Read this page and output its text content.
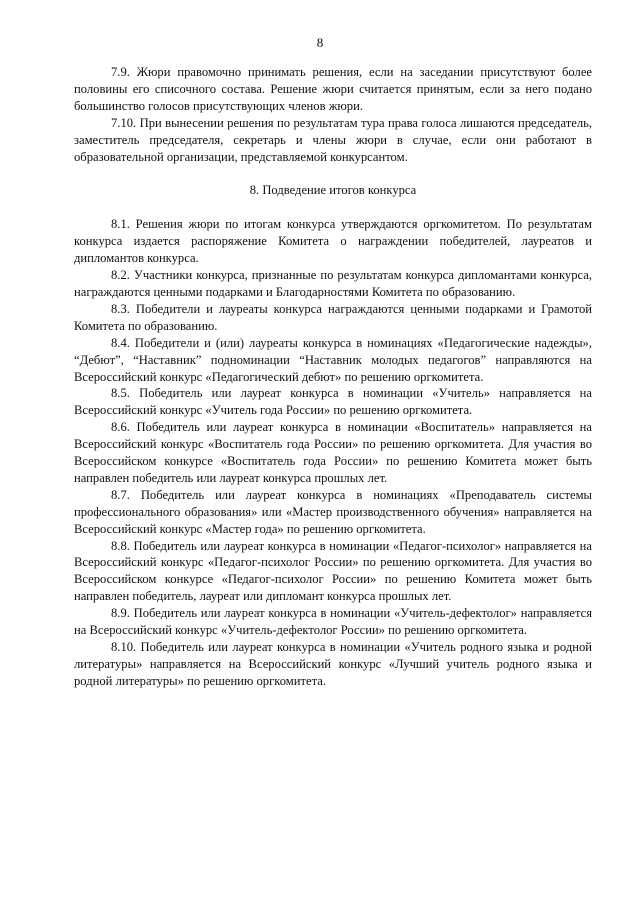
8

7.9. Жюри правомочно принимать решения, если на заседании присутствуют более половины его списочного состава. Решение жюри считается принятым, если за него подано большинство голосов присутствующих членов жюри.

7.10. При вынесении решения по результатам тура права голоса лишаются председатель, заместитель председателя, секретарь и члены жюри в случае, если они работают в образовательной организации, представляемой конкурсантом.

8. Подведение итогов конкурса

8.1. Решения жюри по итогам конкурса утверждаются оргкомитетом. По результатам конкурса издается распоряжение Комитета о награждении победителей, лауреатов и дипломантов конкурса.

8.2. Участники конкурса, признанные по результатам конкурса дипломантами конкурса, награждаются ценными подарками и Благодарностями Комитета по образованию.

8.3. Победители и лауреаты конкурса награждаются ценными подарками и Грамотой Комитета по образованию.

8.4. Победители и (или) лауреаты конкурса в номинациях «Педагогические надежды», “Дебют”, “Наставник” подноминации “Наставник молодых педагогов” направляются на Всероссийский конкурс «Педагогический дебют» по решению оргкомитета.

8.5. Победитель или лауреат конкурса в номинации «Учитель» направляется на Всероссийский конкурс «Учитель года России» по решению оргкомитета.

8.6. Победитель или лауреат конкурса в номинации «Воспитатель» направляется на Всероссийский конкурс «Воспитатель года России» по решению оргкомитета. Для участия во Всероссийском конкурсе «Воспитатель года России» по решению Комитета может быть направлен победитель или лауреат конкурса прошлых лет.

8.7. Победитель или лауреат конкурса в номинациях «Преподаватель системы профессионального образования» или «Мастер производственного обучения» направляется на Всероссийский конкурс «Мастер года» по решению оргкомитета.

8.8. Победитель или лауреат конкурса в номинации «Педагог-психолог» направляется на Всероссийский конкурс «Педагог-психолог России» по решению оргкомитета. Для участия во Всероссийском конкурсе «Педагог-психолог России» по решению Комитета может быть направлен победитель, лауреат или дипломант конкурса прошлых лет.

8.9. Победитель или лауреат конкурса в номинации «Учитель-дефектолог» направляется на Всероссийский конкурс «Учитель-дефектолог России» по решению оргкомитета.

8.10. Победитель или лауреат конкурса в номинации «Учитель родного языка и родной литературы» направляется на Всероссийский конкурс «Лучший учитель родного языка и родной литературы» по решению оргкомитета.
